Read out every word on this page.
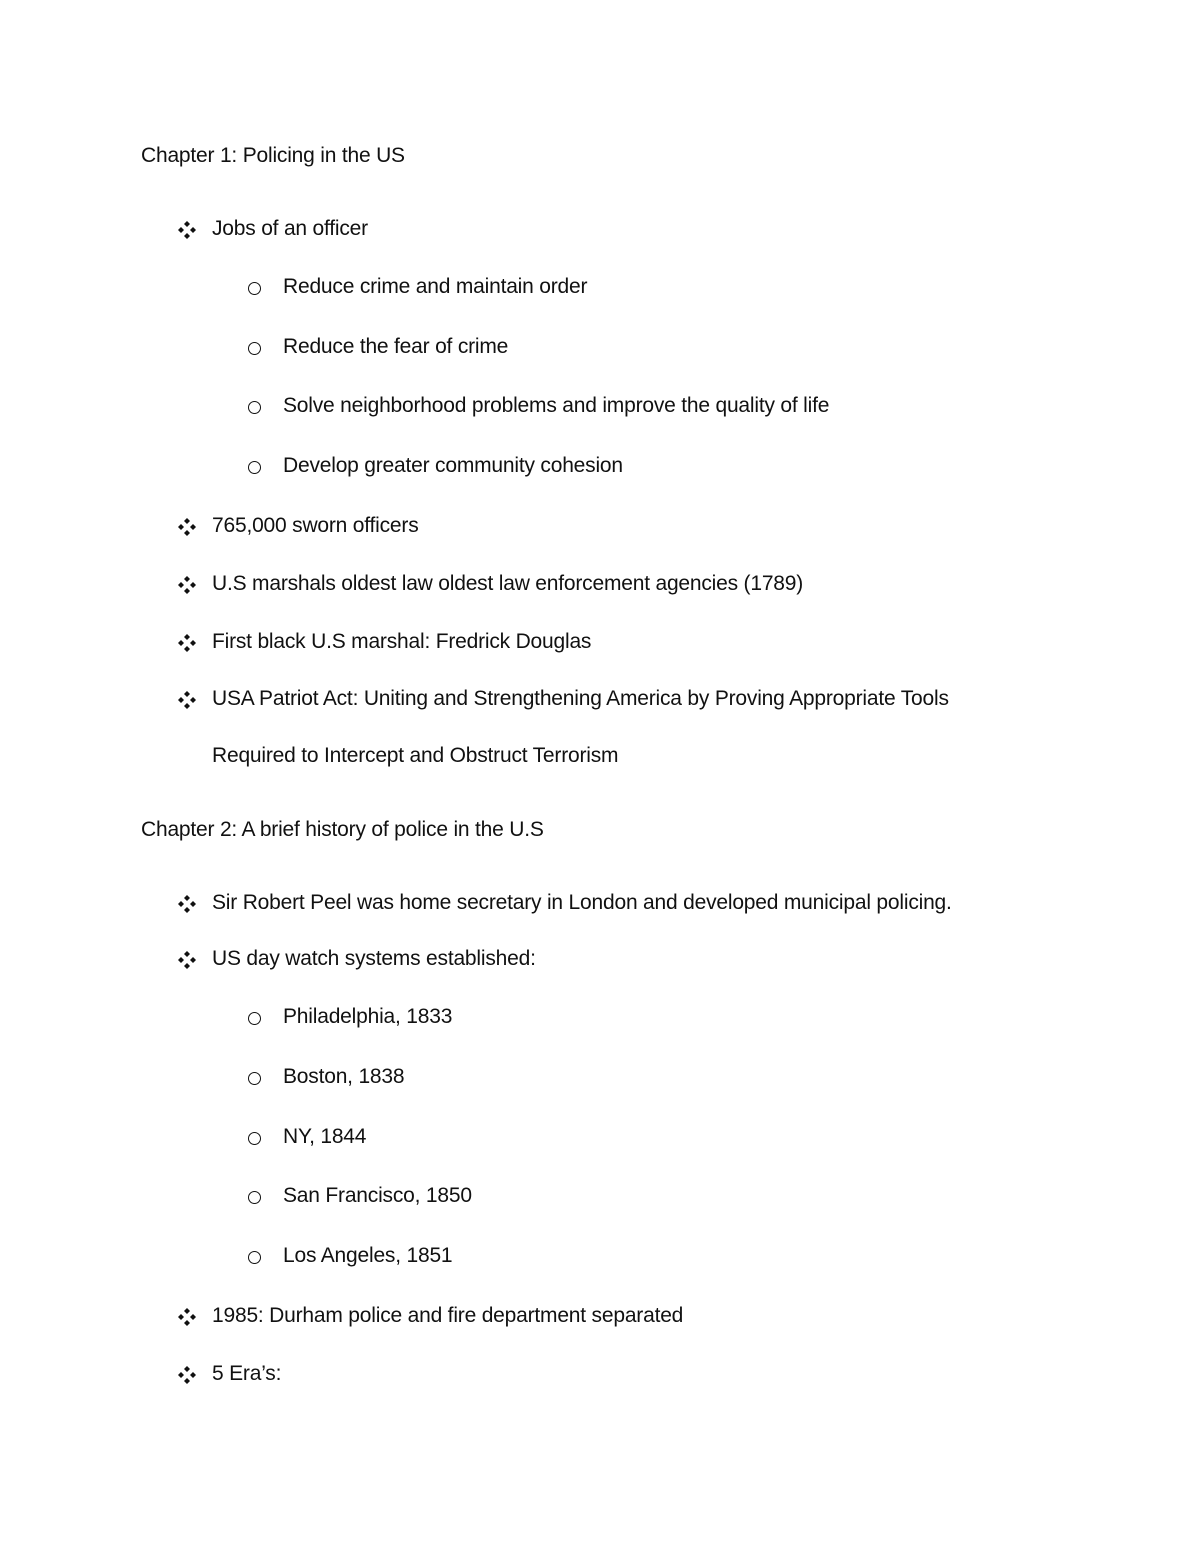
Chapter 1: Policing in the US
Jobs of an officer
Reduce crime and maintain order
Reduce the fear of crime
Solve neighborhood problems and improve the quality of life
Develop greater community cohesion
765,000 sworn officers
U.S marshals oldest law oldest law enforcement agencies (1789)
First black U.S marshal: Fredrick Douglas
USA Patriot Act: Uniting and Strengthening America by Proving Appropriate Tools
Required to Intercept and Obstruct Terrorism
Chapter 2: A brief history of police in the U.S
Sir Robert Peel was home secretary in London and developed municipal policing.
US day watch systems established:
Philadelphia, 1833
Boston, 1838
NY, 1844
San Francisco, 1850
Los Angeles, 1851
1985: Durham police and fire department separated
5 Era’s:
